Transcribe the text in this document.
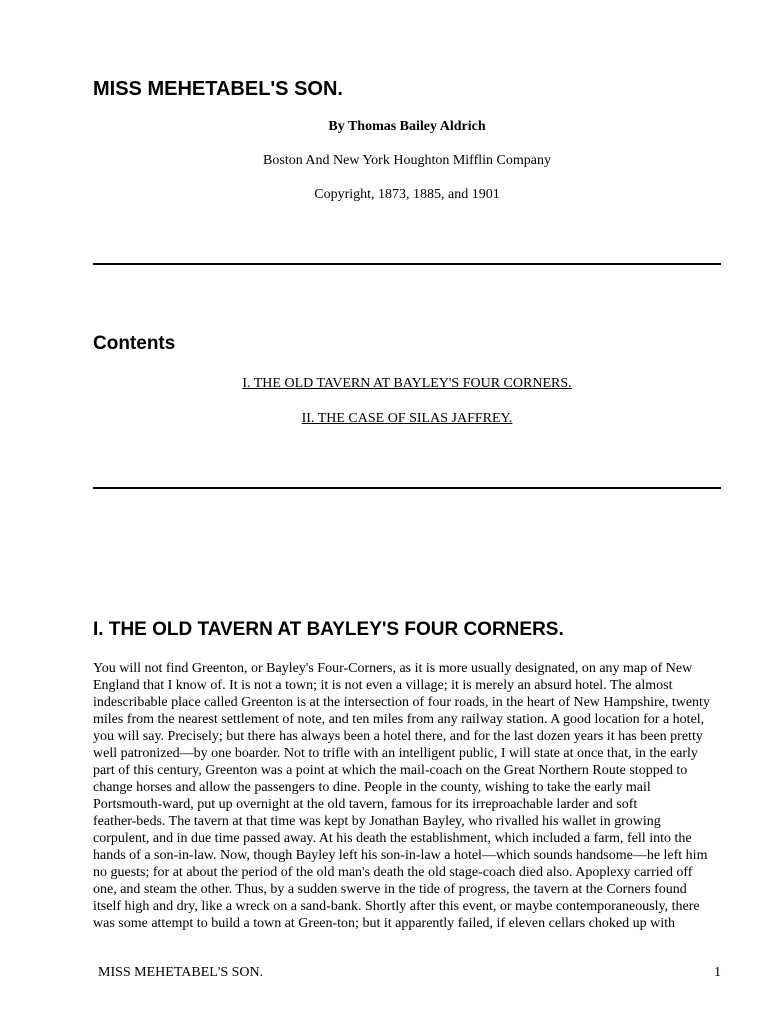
MISS MEHETABEL'S SON.

By Thomas Bailey Aldrich

Boston And New York Houghton Mifflin Company

Copyright, 1873, 1885, and 1901

Contents

I. THE OLD TAVERN AT BAYLEY'S FOUR CORNERS.

II. THE CASE OF SILAS JAFFREY.

I. THE OLD TAVERN AT BAYLEY'S FOUR CORNERS.

You will not find Greenton, or Bayley's Four-Corners, as it is more usually designated, on any map of New
England that I know of. It is not a town; it is not even a village; it is merely an absurd hotel. The almost
indescribable place called Greenton is at the intersection of four roads, in the heart of New Hampshire, twenty
miles from the nearest settlement of note, and ten miles from any railway station. A good location for a hotel,
you will say. Precisely; but there has always been a hotel there, and for the last dozen years it has been pretty
well patronized—by one boarder. Not to trifle with an intelligent public, I will state at once that, in the early
part of this century, Greenton was a point at which the mail-coach on the Great Northern Route stopped to
change horses and allow the passengers to dine. People in the county, wishing to take the early mail
Portsmouth-ward, put up overnight at the old tavern, famous for its irreproachable larder and soft
feather-beds. The tavern at that time was kept by Jonathan Bayley, who rivalled his wallet in growing
corpulent, and in due time passed away. At his death the establishment, which included a farm, fell into the
hands of a son-in-law. Now, though Bayley left his son-in-law a hotel—which sounds handsome—he left him
no guests; for at about the period of the old man's death the old stage-coach died also. Apoplexy carried off
one, and steam the other. Thus, by a sudden swerve in the tide of progress, the tavern at the Corners found
itself high and dry, like a wreck on a sand-bank. Shortly after this event, or maybe contemporaneously, there
was some attempt to build a town at Green-ton; but it apparently failed, if eleven cellars choked up with

MISS MEHETABEL'S SON.	1
